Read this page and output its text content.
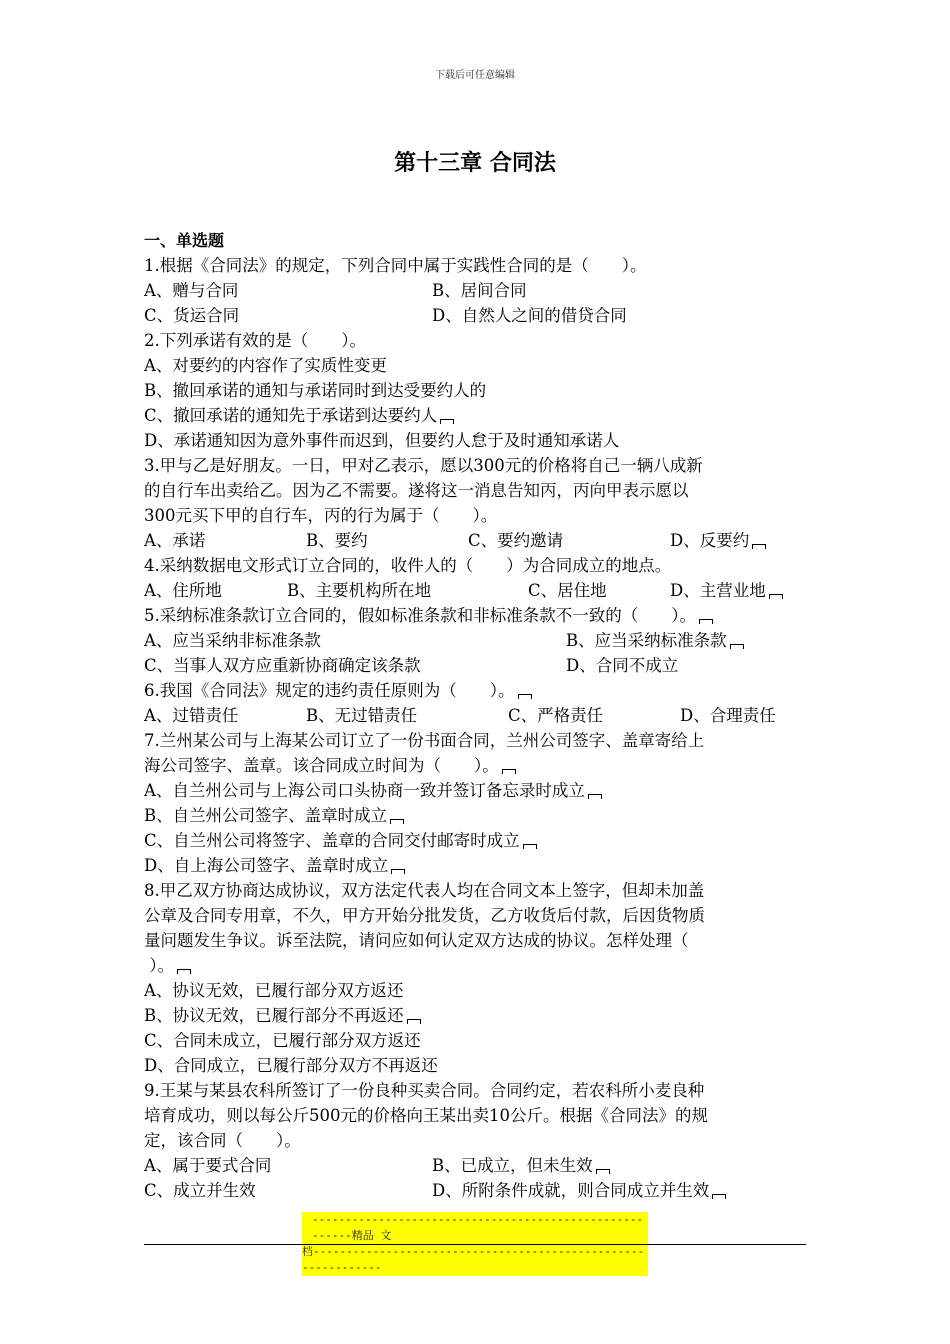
下载后可任意编辑
第十三章 合同法
一、单选题
1.根据《合同法》的规定，下列合同中属于实践性合同的是（　　）。
A、赠与合同	B、居间合同
C、货运合同	D、自然人之间的借贷合同
2.下列承诺有效的是（　　）。
A、对要约的内容作了实质性变更
B、撤回承诺的通知与承诺同时到达受要约人的
C、撤回承诺的通知先于承诺到达要约人
D、承诺通知因为意外事件而迟到，但要约人怠于及时通知承诺人
3.甲与乙是好朋友。一日，甲对乙表示，愿以300元的价格将自己一辆八成新
的自行车出卖给乙。因为乙不需要。遂将这一消息告知丙，丙向甲表示愿以
300元买下甲的自行车，丙的行为属于（　　）。
A、承诺	B、要约	C、要约邀请	D、反要约
4.采纳数据电文形式订立合同的，收件人的（　　）为合同成立的地点。
A、住所地	B、主要机构所在地	C、居住地	D、主营业地
5.采纳标准条款订立合同的，假如标准条款和非标准条款不一致的（　　）。
A、应当采纳非标准条款	B、应当采纳标准条款
C、当事人双方应重新协商确定该条款	D、合同不成立
6.我国《合同法》规定的违约责任原则为（　　）。
A、过错责任	B、无过错责任	C、严格责任	D、合理责任
7.兰州某公司与上海某公司订立了一份书面合同，兰州公司签字、盖章寄给上
海公司签字、盖章。该合同成立时间为（　　）。
A、自兰州公司与上海公司口头协商一致并签订备忘录时成立
B、自兰州公司签字、盖章时成立
C、自兰州公司将签字、盖章的合同交付邮寄时成立
D、自上海公司签字、盖章时成立
8.甲乙双方协商达成协议，双方法定代表人均在合同文本上签字，但却未加盖
公章及合同专用章，不久，甲方开始分批发货，乙方收货后付款，后因货物质
量问题发生争议。诉至法院，请问应如何认定双方达成的协议。怎样处理（
）。
A、协议无效，已履行部分双方返还
B、协议无效，已履行部分不再返还
C、合同未成立，已履行部分双方返还
D、合同成立，已履行部分双方不再返还
9.王某与某县农科所签订了一份良种买卖合同。合同约定，若农科所小麦良种
培育成功，则以每公斤500元的价格向王某出卖10公斤。根据《合同法》的规
定，该合同（　　）。
A、属于要式合同	B、已成立，但未生效
C、成立并生效	D、所附条件成就，则合同成立并生效
--------------------------------------------------------精品 文
档--------------------------------------------------------------
